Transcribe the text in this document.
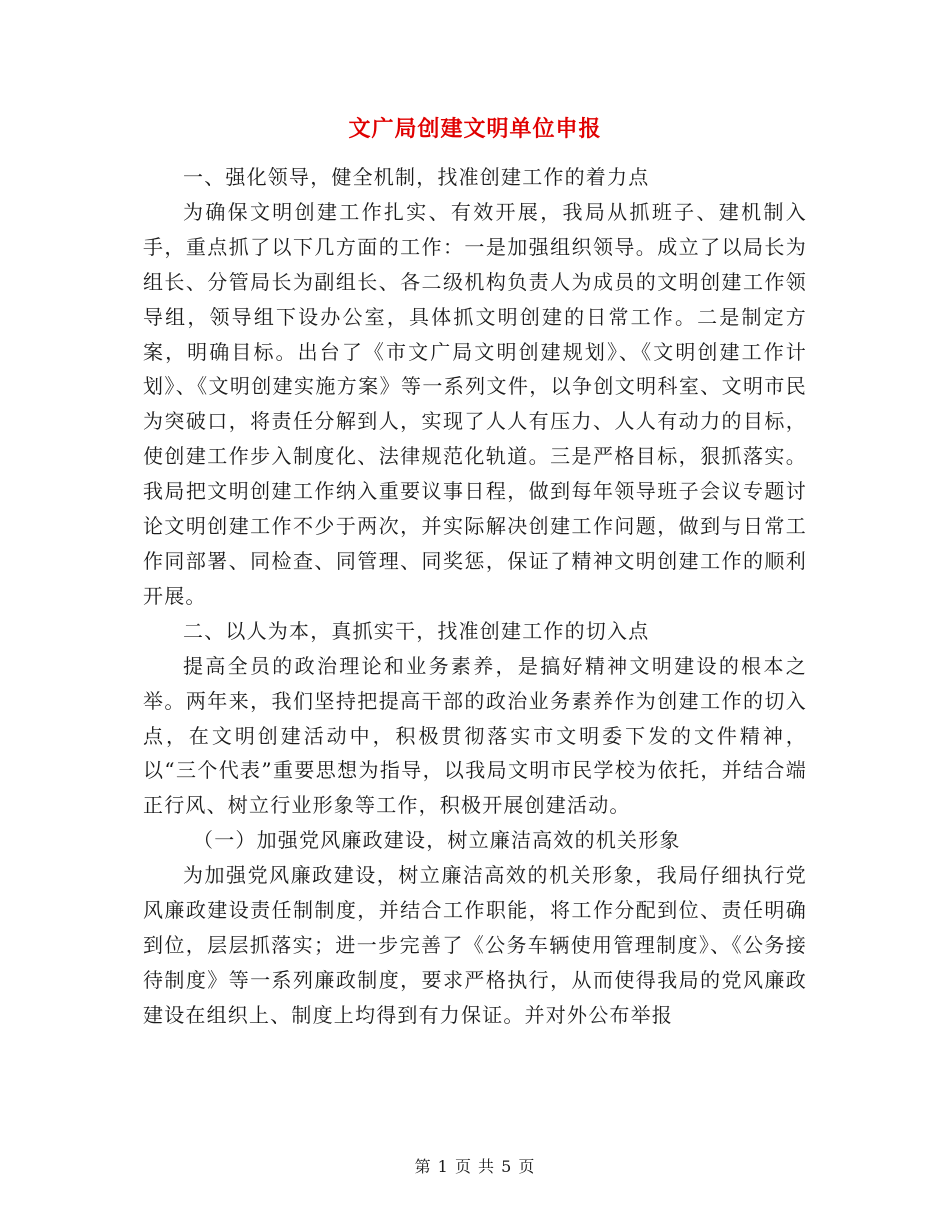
文广局创建文明单位申报

一、强化领导，健全机制，找准创建工作的着力点

为确保文明创建工作扎实、有效开展，我局从抓班子、建机制入手，重点抓了以下几方面的工作：一是加强组织领导。成立了以局长为组长、分管局长为副组长、各二级机构负责人为成员的文明创建工作领导组，领导组下设办公室，具体抓文明创建的日常工作。二是制定方案，明确目标。出台了《市文广局文明创建规划》、《文明创建工作计划》、《文明创建实施方案》等一系列文件，以争创文明科室、文明市民为突破口，将责任分解到人，实现了人人有压力、人人有动力的目标，使创建工作步入制度化、法律规范化轨道。三是严格目标，狠抓落实。我局把文明创建工作纳入重要议事日程，做到每年领导班子会议专题讨论文明创建工作不少于两次，并实际解决创建工作问题，做到与日常工作同部署、同检查、同管理、同奖惩，保证了精神文明创建工作的顺利开展。

二、以人为本，真抓实干，找准创建工作的切入点

提高全员的政治理论和业务素养，是搞好精神文明建设的根本之举。两年来，我们坚持把提高干部的政治业务素养作为创建工作的切入点，在文明创建活动中，积极贯彻落实市文明委下发的文件精神，以“三个代表”重要思想为指导，以我局文明市民学校为依托，并结合端正行风、树立行业形象等工作，积极开展创建活动。

（一）加强党风廉政建设，树立廉洁高效的机关形象

为加强党风廉政建设，树立廉洁高效的机关形象，我局仔细执行党风廉政建设责任制制度，并结合工作职能，将工作分配到位、责任明确到位，层层抓落实；进一步完善了《公务车辆使用管理制度》、《公务接待制度》等一系列廉政制度，要求严格执行，从而使得我局的党风廉政建设在组织上、制度上均得到有力保证。并对外公布举报

第 1 页 共 5 页
